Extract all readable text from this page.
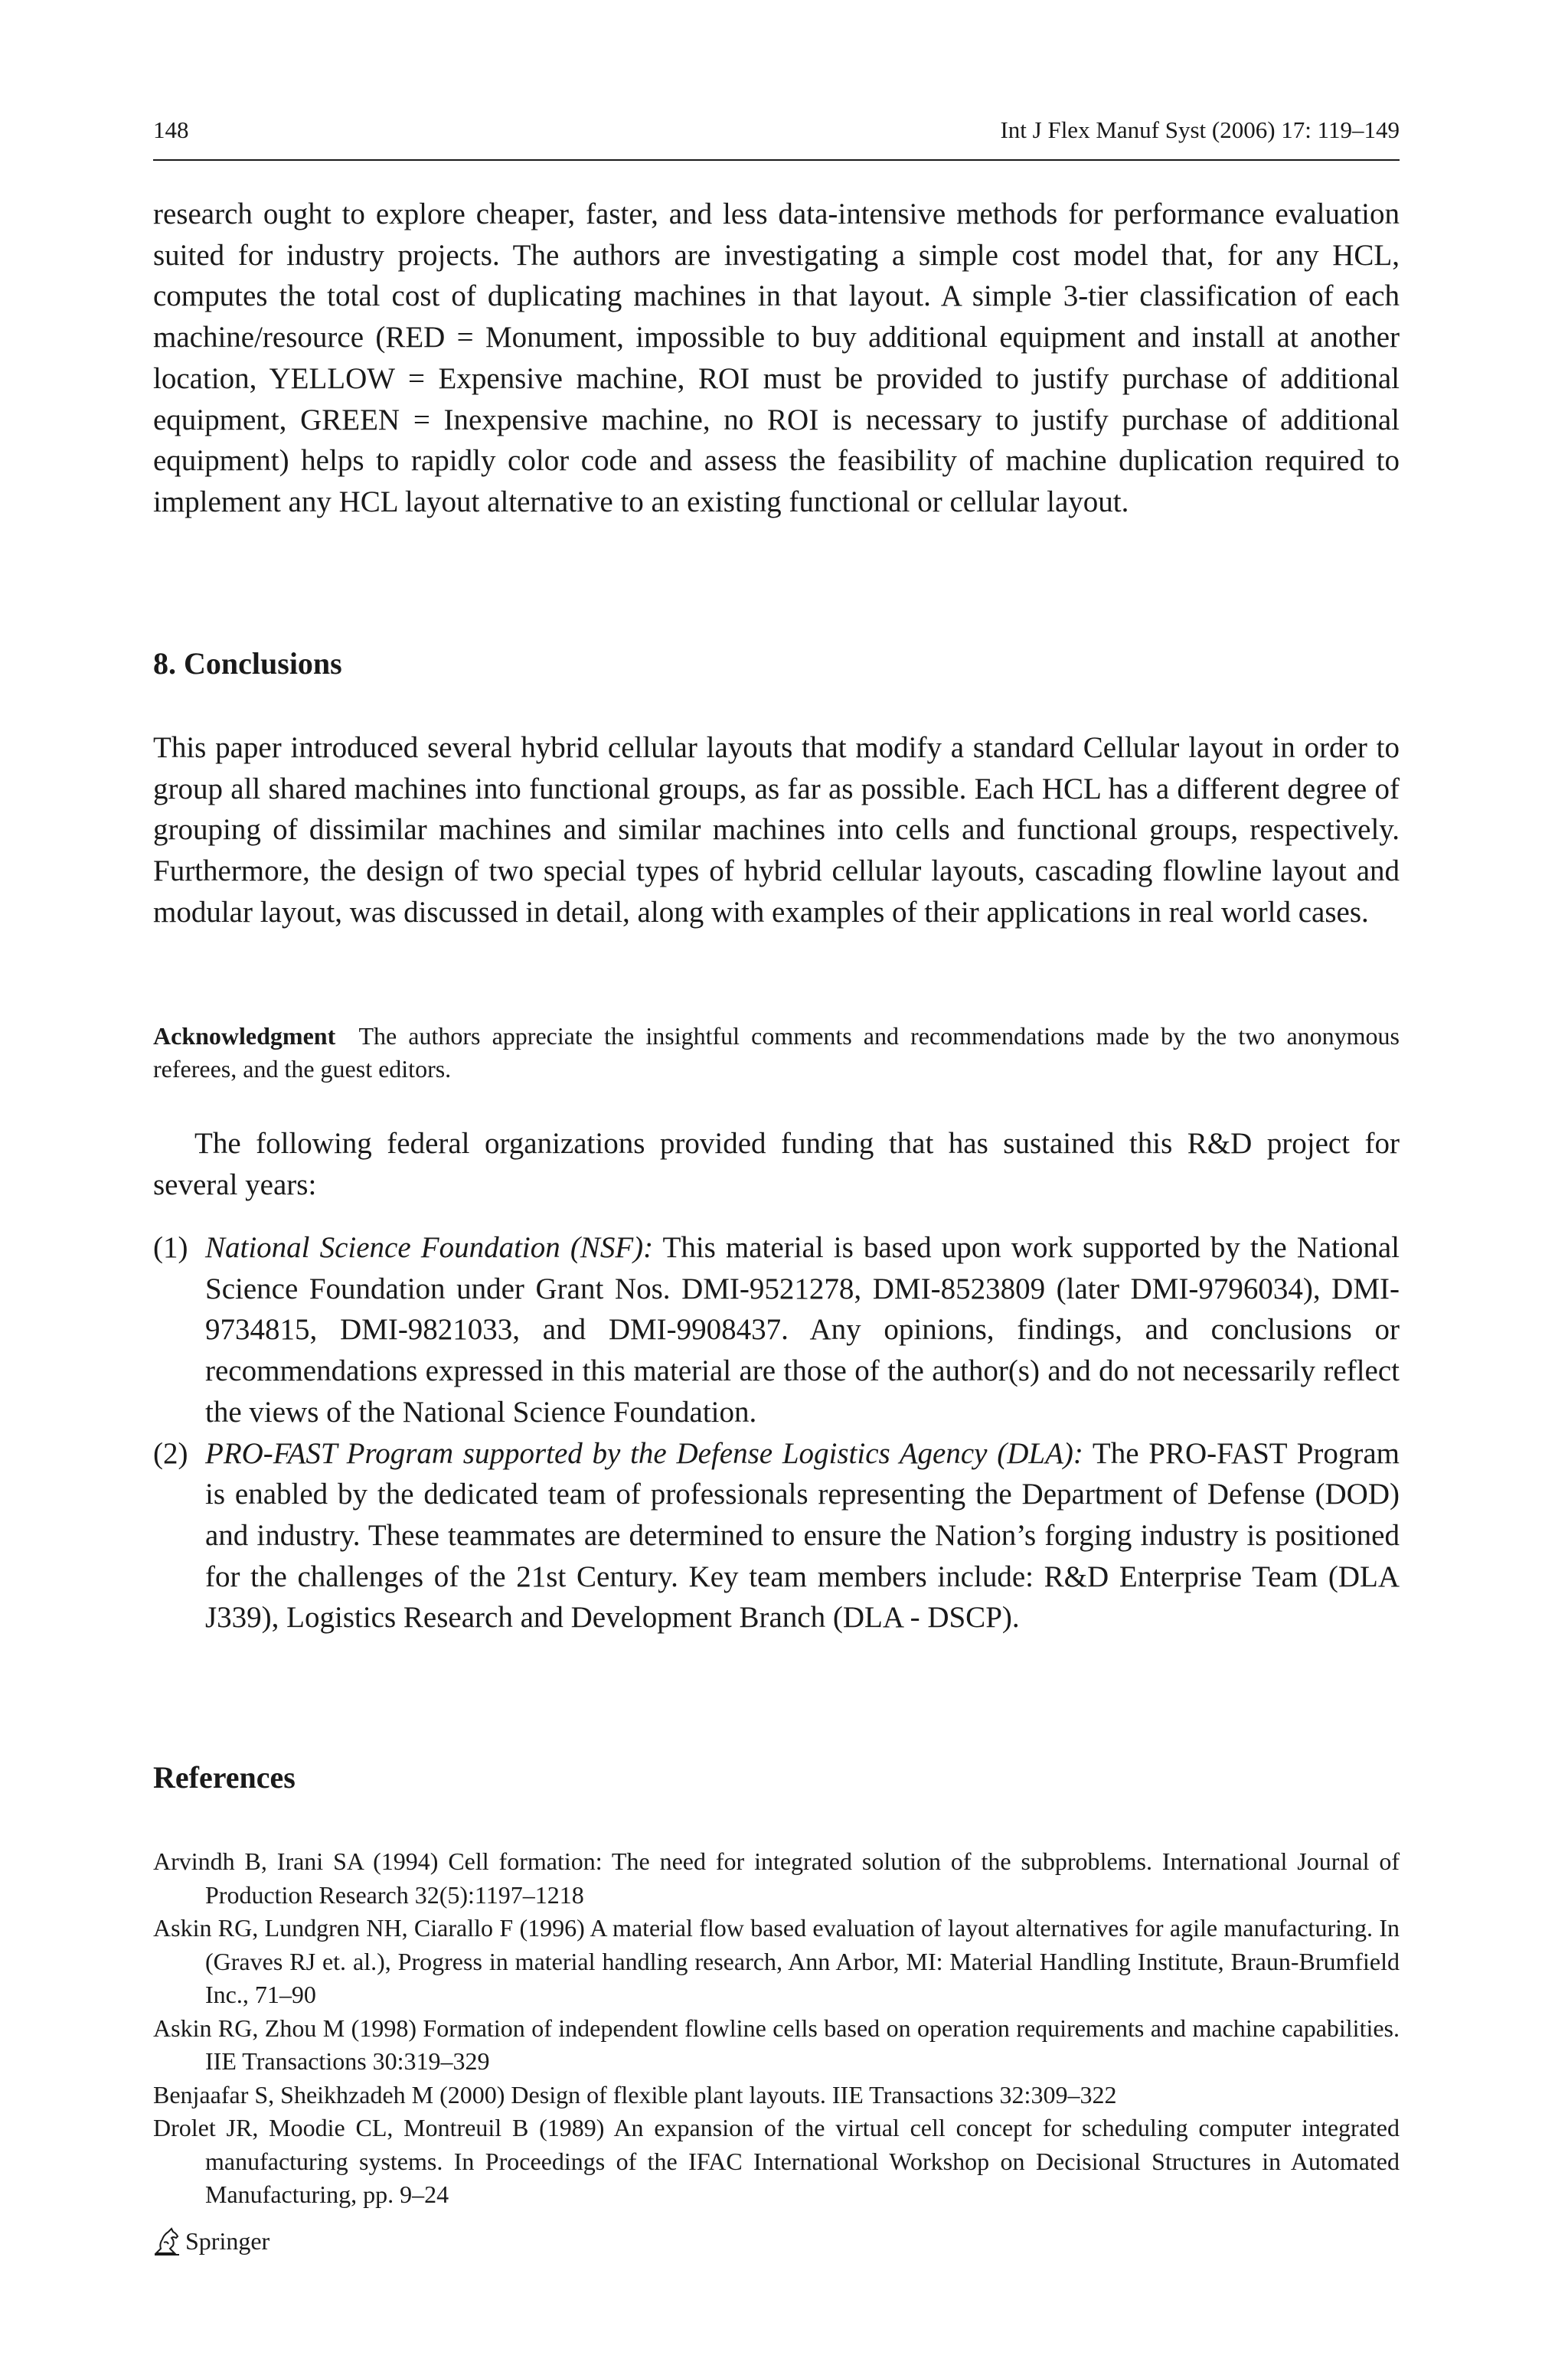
148	Int J Flex Manuf Syst (2006) 17: 119–149

research ought to explore cheaper, faster, and less data-intensive methods for performance evaluation suited for industry projects. The authors are investigating a simple cost model that, for any HCL, computes the total cost of duplicating machines in that layout. A simple 3-tier classification of each machine/resource (RED = Monument, impossible to buy additional equipment and install at another location, YELLOW = Expensive machine, ROI must be provided to justify purchase of additional equipment, GREEN = Inexpensive machine, no ROI is necessary to justify purchase of additional equipment) helps to rapidly color code and assess the feasibility of machine duplication required to implement any HCL layout alternative to an existing functional or cellular layout.

8. Conclusions

This paper introduced several hybrid cellular layouts that modify a standard Cellular layout in order to group all shared machines into functional groups, as far as possible. Each HCL has a different degree of grouping of dissimilar machines and similar machines into cells and functional groups, respectively. Furthermore, the design of two special types of hybrid cellular layouts, cascading flowline layout and modular layout, was discussed in detail, along with examples of their applications in real world cases.

Acknowledgment The authors appreciate the insightful comments and recommendations made by the two anonymous referees, and the guest editors.

The following federal organizations provided funding that has sustained this R&D project for several years:

(1) National Science Foundation (NSF): This material is based upon work supported by the National Science Foundation under Grant Nos. DMI-9521278, DMI-8523809 (later DMI-9796034), DMI-9734815, DMI-9821033, and DMI-9908437. Any opinions, findings, and conclusions or recommendations expressed in this material are those of the author(s) and do not necessarily reflect the views of the National Science Foundation.
(2) PRO-FAST Program supported by the Defense Logistics Agency (DLA): The PRO-FAST Program is enabled by the dedicated team of professionals representing the Department of Defense (DOD) and industry. These teammates are determined to ensure the Nation’s forging industry is positioned for the challenges of the 21st Century. Key team members include: R&D Enterprise Team (DLA J339), Logistics Research and Development Branch (DLA - DSCP).
References

Arvindh B, Irani SA (1994) Cell formation: The need for integrated solution of the subproblems. International Journal of Production Research 32(5):1197–1218

Askin RG, Lundgren NH, Ciarallo F (1996) A material flow based evaluation of layout alternatives for agile manufacturing. In (Graves RJ et. al.), Progress in material handling research, Ann Arbor, MI: Material Handling Institute, Braun-Brumfield Inc., 71–90

Askin RG, Zhou M (1998) Formation of independent flowline cells based on operation requirements and machine capabilities. IIE Transactions 30:319–329

Benjaafar S, Sheikhzadeh M (2000) Design of flexible plant layouts. IIE Transactions 32:309–322

Drolet JR, Moodie CL, Montreuil B (1989) An expansion of the virtual cell concept for scheduling computer integrated manufacturing systems. In Proceedings of the IFAC International Workshop on Decisional Structures in Automated Manufacturing, pp. 9–24

Springer
